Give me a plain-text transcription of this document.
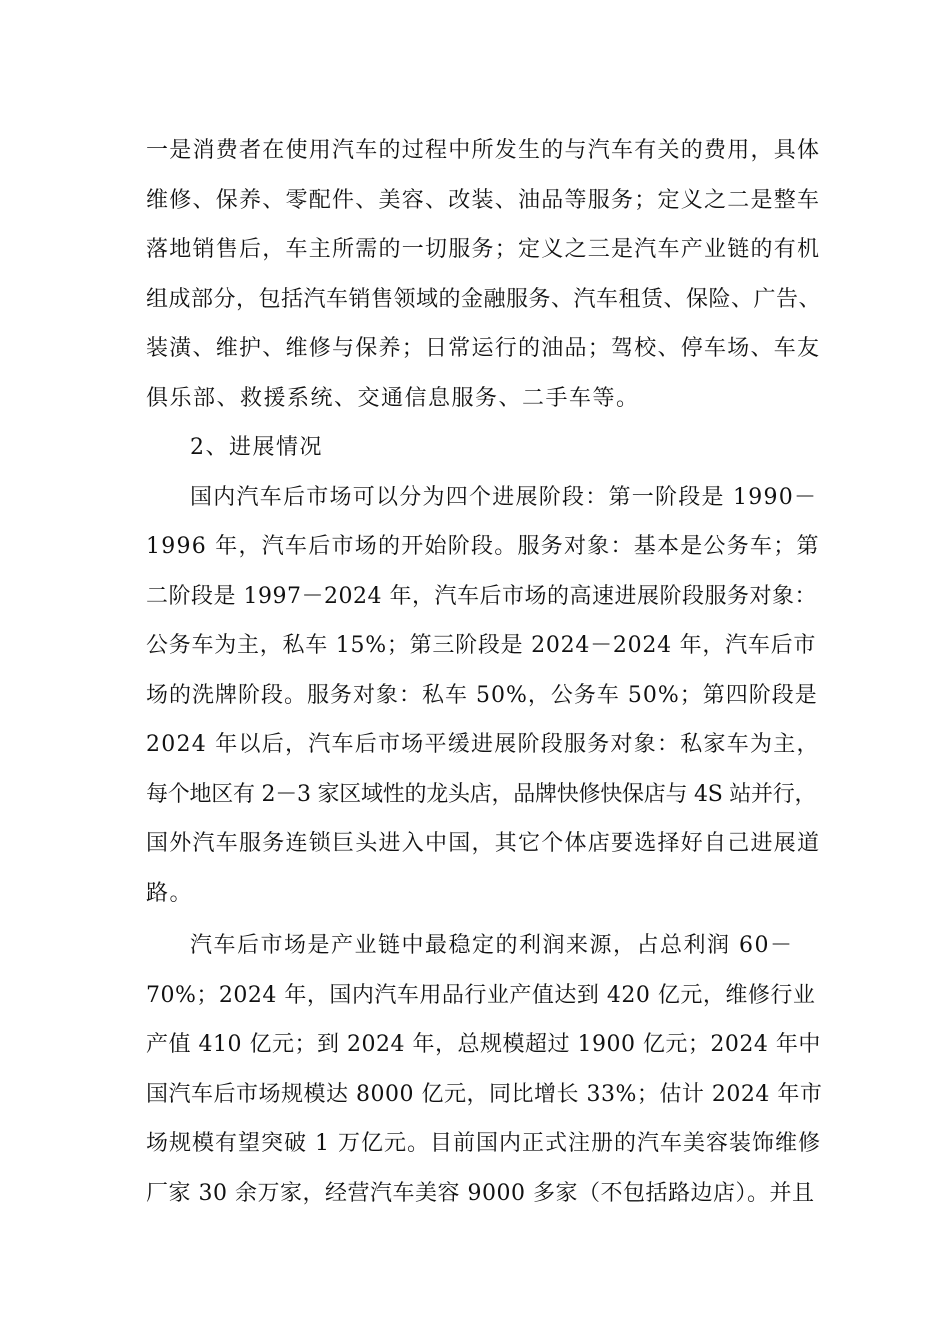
一是消费者在使用汽车的过程中所发生的与汽车有关的费用，具体
维修、保养、零配件、美容、改装、油品等服务；定义之二是整车
落地销售后，车主所需的一切服务；定义之三是汽车产业链的有机
组成部分，包括汽车销售领域的金融服务、汽车租赁、保险、广告、
装潢、维护、维修与保养；日常运行的油品；驾校、停车场、车友
俱乐部、救援系统、交通信息服务、二手车等。
2、进展情况
国内汽车后市场可以分为四个进展阶段：第一阶段是 1990－
1996 年，汽车后市场的开始阶段。服务对象：基本是公务车；第
二阶段是 1997－2024 年，汽车后市场的高速进展阶段服务对象：
公务车为主，私车 15%；第三阶段是 2024－2024 年，汽车后市
场的洗牌阶段。服务对象：私车 50%，公务车 50%；第四阶段是
2024 年以后，汽车后市场平缓进展阶段服务对象：私家车为主，
每个地区有 2－3 家区域性的龙头店，品牌快修快保店与 4S 站并行，
国外汽车服务连锁巨头进入中国，其它个体店要选择好自己进展道
路。
汽车后市场是产业链中最稳定的利润来源，占总利润 60－
70%；2024 年，国内汽车用品行业产值达到 420 亿元，维修行业
产值 410 亿元；到 2024 年，总规模超过 1900 亿元；2024 年中
国汽车后市场规模达 8000 亿元，同比增长 33%；估计 2024 年市
场规模有望突破 1 万亿元。目前国内正式注册的汽车美容装饰维修
厂家 30 余万家，经营汽车美容 9000 多家（不包括路边店）。并且
